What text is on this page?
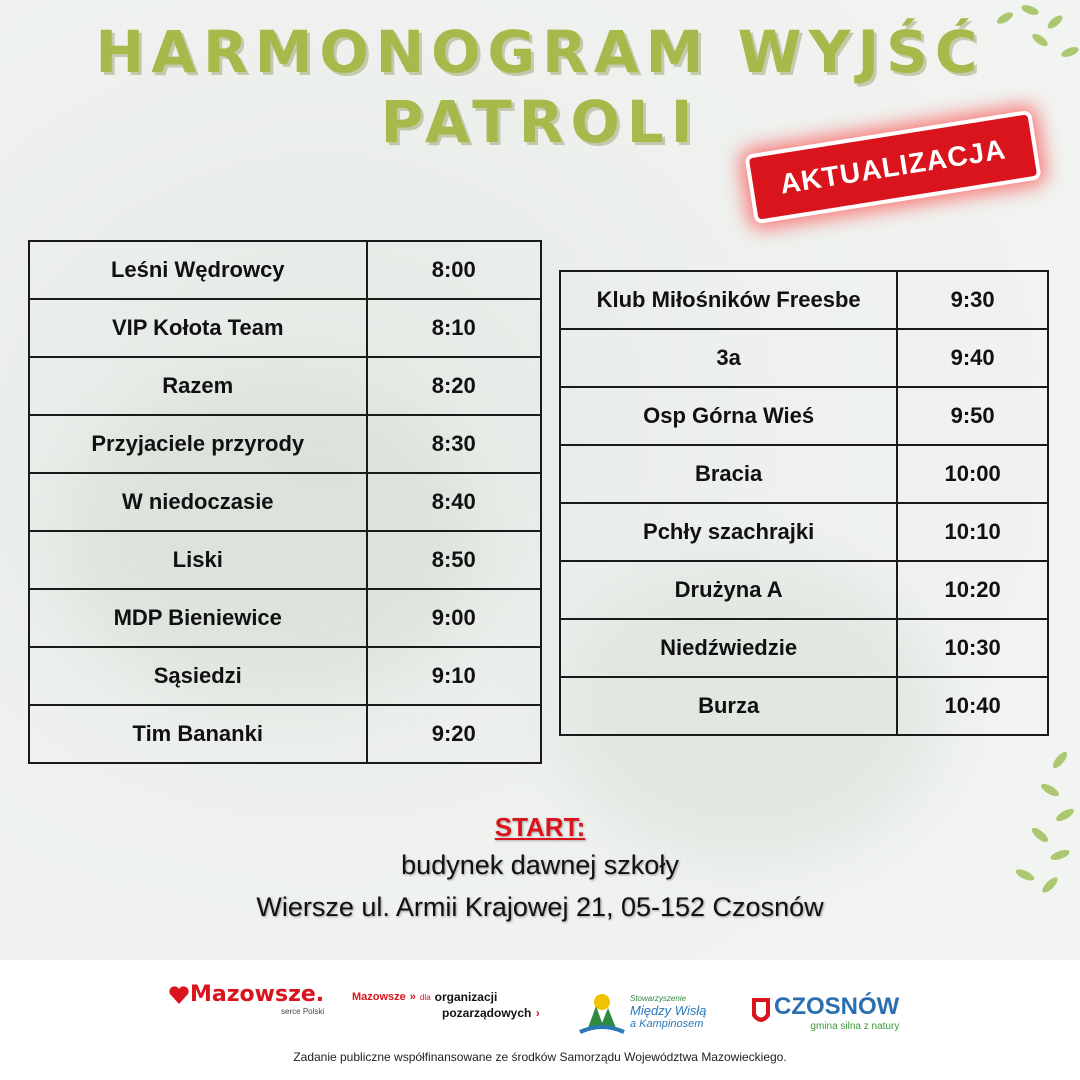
HARMONOGRAM WYJŚĆ
PATROLI
AKTUALIZACJA
Leśni Wędrowcy	8:00
VIP Kołota Team	8:10
Razem	8:20
Przyjaciele przyrody	8:30
W niedoczasie	8:40
Liski	8:50
MDP Bieniewice	9:00
Sąsiedzi	9:10
Tim Bananki	9:20
Klub Miłośników Freesbe	9:30
3a	9:40
Osp Górna Wieś	9:50
Bracia	10:00
Pchły szachrajki	10:10
Drużyna A	10:20
Niedźwiedzie	10:30
Burza	10:40
START:
budynek dawnej szkoły
Wiersze ul. Armii Krajowej 21, 05-152 Czosnów
Mazowsze.
serce Polski
Mazowsze » dla organizacji
pozarządowych ›
Stowarzyszenie
Między Wisłą
a Kampinosem
CZOSNÓW
gmina silna z natury
Zadanie publiczne współfinansowane ze środków Samorządu Województwa Mazowieckiego.
